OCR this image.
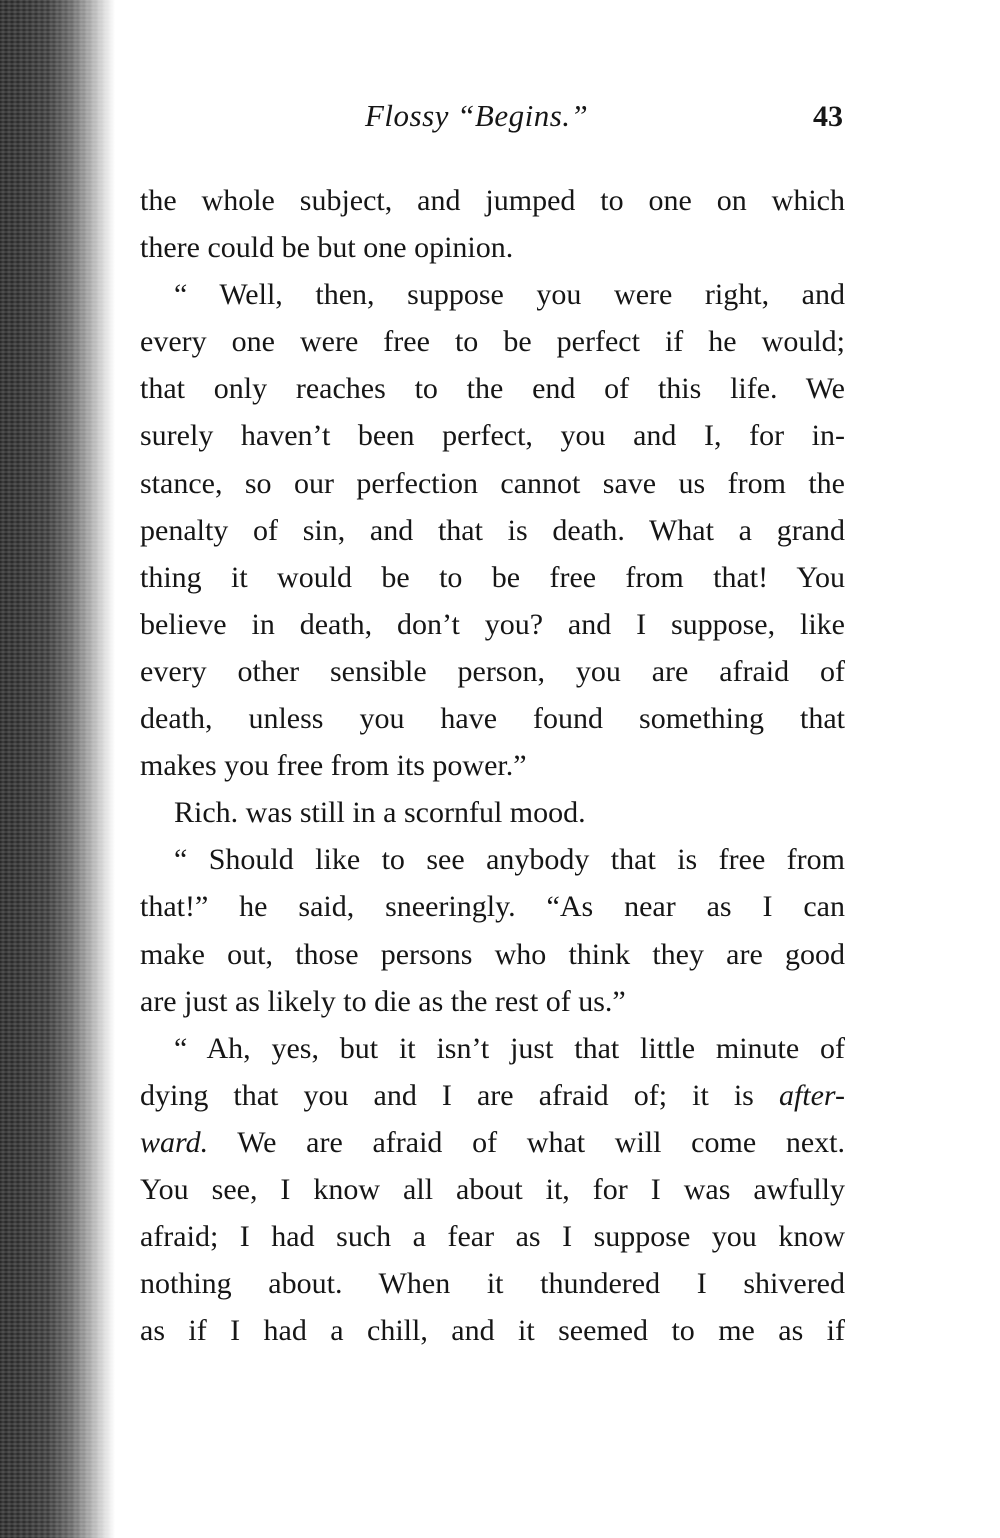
Flossy “Begins.”	43
the whole subject, and jumped to one on which
there could be but one opinion.
“ Well, then, suppose you were right, and
every one were free to be perfect if he would;
that only reaches to the end of this life. We
surely haven’t been perfect, you and I, for in-
stance, so our perfection cannot save us from the
penalty of sin, and that is death. What a grand
thing it would be to be free from that! You
believe in death, don’t you? and I suppose, like
every other sensible person, you are afraid of
death, unless you have found something that
makes you free from its power.”
Rich. was still in a scornful mood.
“ Should like to see anybody that is free from
that!” he said, sneeringly. “As near as I can
make out, those persons who think they are good
are just as likely to die as the rest of us.”
“ Ah, yes, but it isn’t just that little minute of
dying that you and I are afraid of; it is after-
ward. We are afraid of what will come next.
You see, I know all about it, for I was awfully
afraid; I had such a fear as I suppose you know
nothing about. When it thundered I shivered
as if I had a chill, and it seemed to me as if
